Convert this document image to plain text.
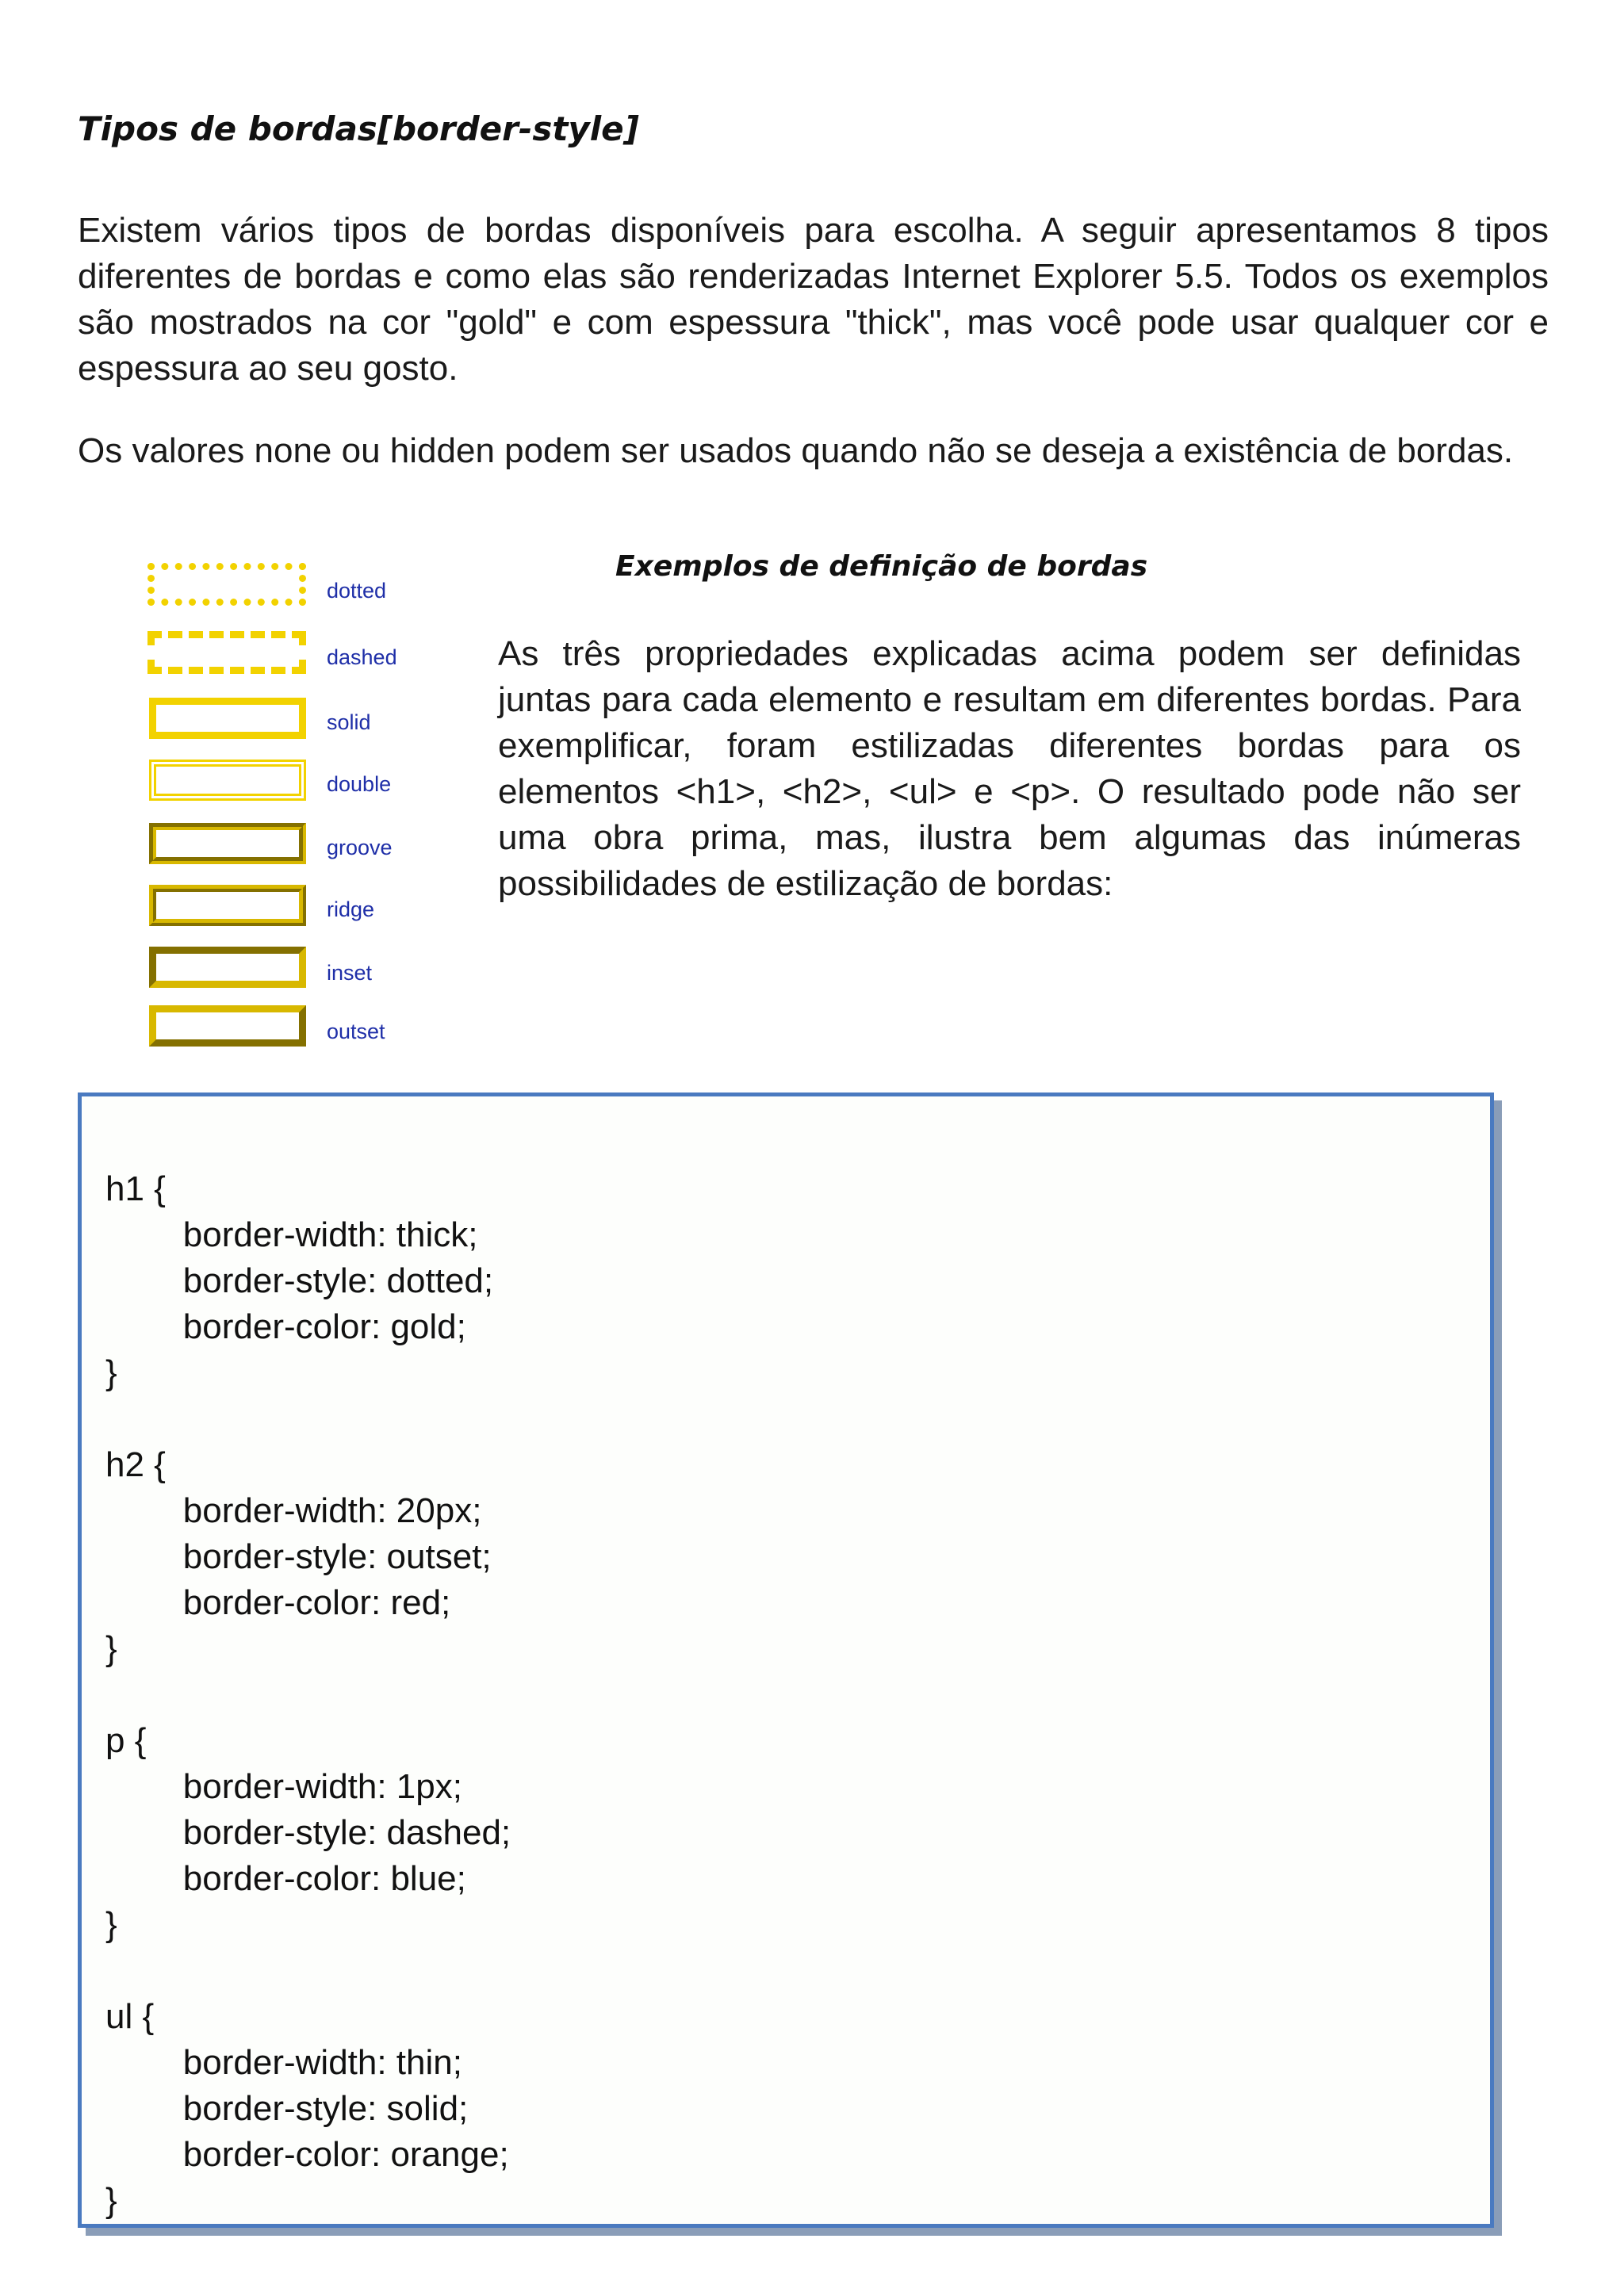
Tipos de bordas[border-style]

Existem vários tipos de bordas disponíveis para escolha. A seguir apresentamos 8 tipos diferentes de bordas e como elas são renderizadas Internet Explorer 5.5. Todos os exemplos são mostrados na cor "gold" e com espessura "thick", mas você pode usar qualquer cor e espessura ao seu gosto.

Os valores none ou hidden podem ser usados quando não se deseja a existência de bordas.

dotted
dashed
solid
double
groove
ridge
inset
outset
Exemplos de definição de bordas

As três propriedades explicadas acima podem ser definidas juntas para cada elemento e resultam em diferentes bordas. Para exemplificar, foram estilizadas diferentes bordas para os elementos <h1>, <h2>, <ul> e <p>. O resultado pode não ser uma obra prima, mas, ilustra bem algumas das inúmeras possibilidades de estilização de bordas:

h1 {
border-width: thick;
border-style: dotted;
border-color: gold;
}
h2 {
border-width: 20px;
border-style: outset;
border-color: red;
}
p {
border-width: 1px;
border-style: dashed;
border-color: blue;
}
ul {
border-width: thin;
border-style: solid;
border-color: orange;
}
